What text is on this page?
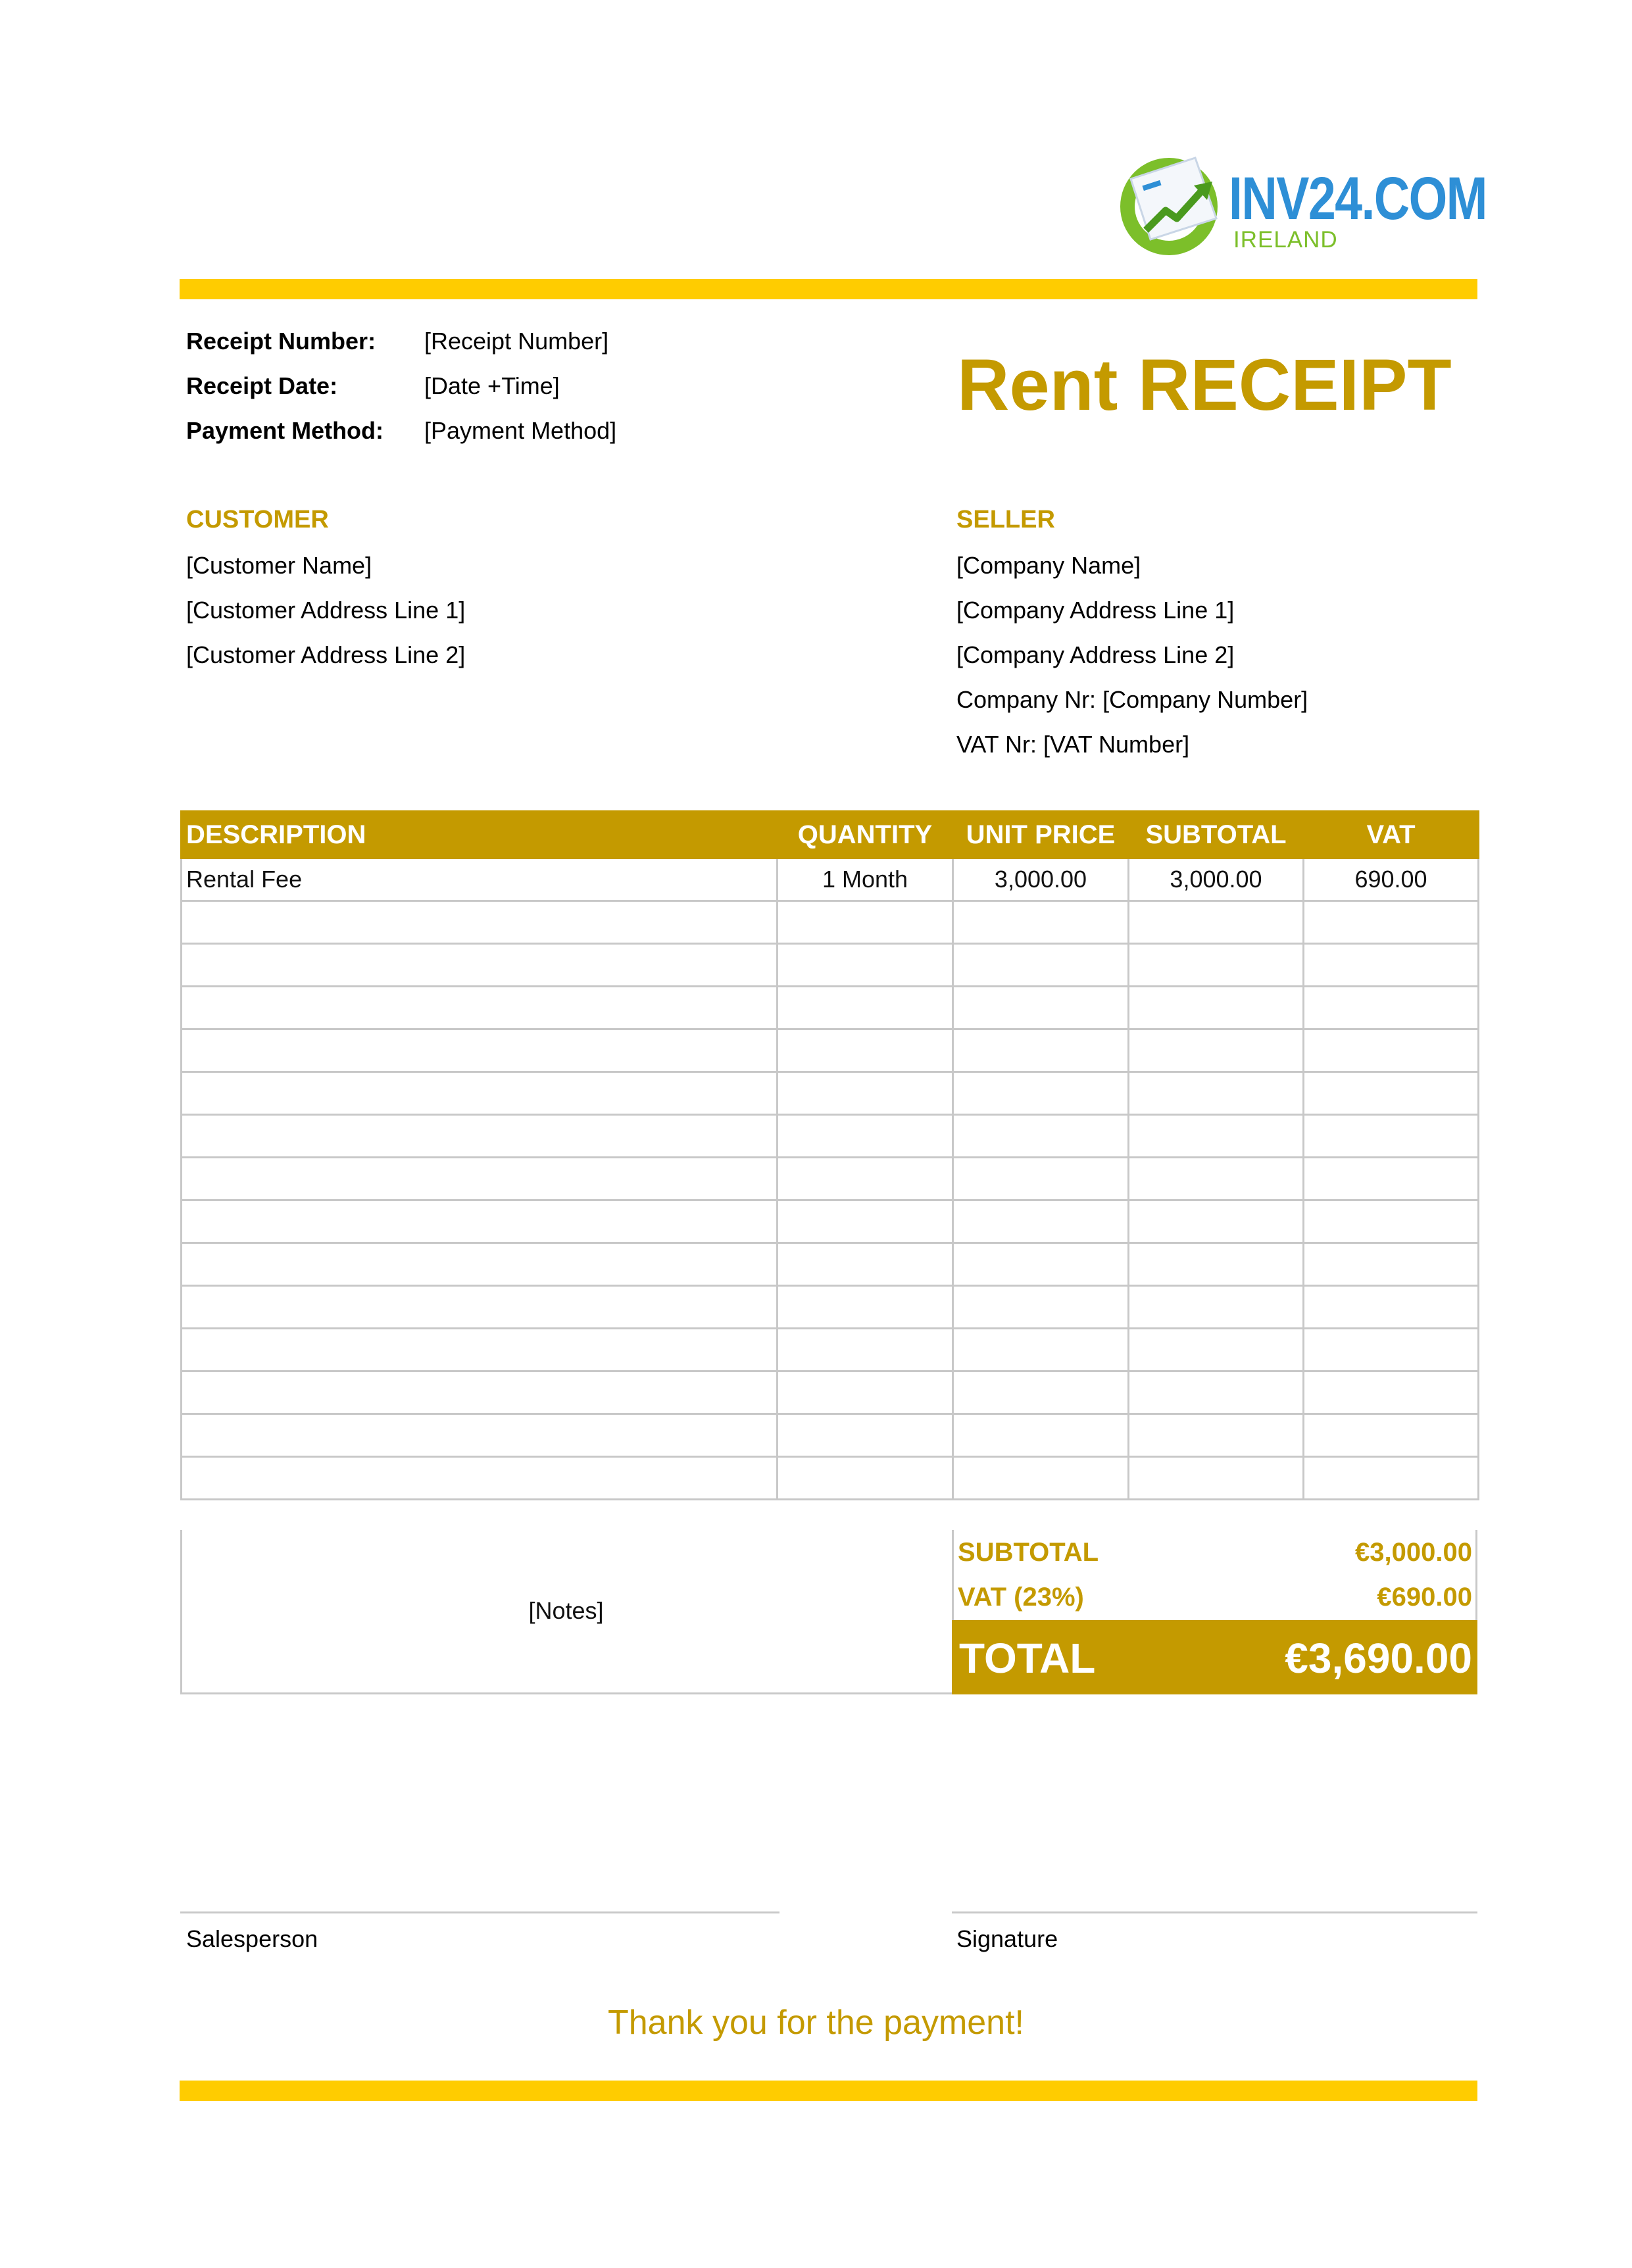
INV24.COM
IRELAND
Receipt Number: [Receipt Number]
Receipt Date:	[Date +Time]
Payment Method: [Payment Method]
Rent RECEIPT
CUSTOMER
[Customer Name]
[Customer Address Line 1]
[Customer Address Line 2]
SELLER
[Company Name]
[Company Address Line 1]
[Company Address Line 2]
Company Nr: [Company Number]
VAT Nr: [VAT Number]
DESCRIPTION	QUANTITY	UNIT PRICE	SUBTOTAL	VAT
Rental Fee	1 Month	3,000.00	3,000.00	690.00

[Notes]
SUBTOTAL	€3,000.00
VAT (23%)	€690.00
TOTAL	€3,690.00
Salesperson	Signature
Thank you for the payment!
